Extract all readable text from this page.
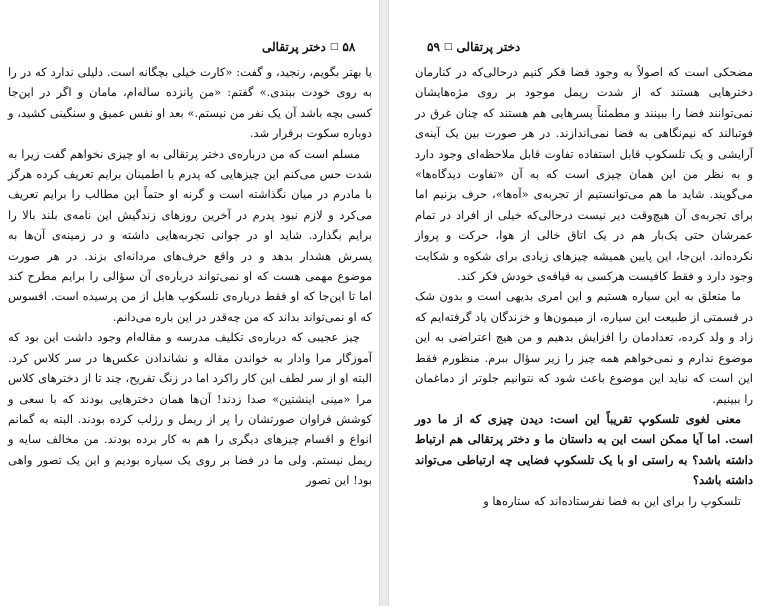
۵۸
□
دختر پرتقالی

یا بهتر بگویم، رنجید، و گفت: «کارت خیلی بچگانه است. دلیلی ندارد که در را به روی خودت ببندی.» گفتم: «من پانزده ساله‌ام، مامان و اگر در این‌جا کسی بچه باشد آن یک نفر من نیستم.» بعد او نفس عمیق و سنگینی کشید، و دوباره سکوت برقرار شد.

مسلم است که من درباره‌ی دختر پرتقالی به او چیزی نخواهم گفت زیرا به شدت حس می‌کنم این چیزهایی که پدرم با اطمینان برایم تعریف کرده هرگز با مادرم در میان نگذاشته است و گرنه او حتماً این مطالب را برایم تعریف می‌کرد و لازم نبود پدرم در آخرین روزهای زندگیش این نامه‌ی بلند بالا را برایم بگذارد. شاید او در جوانی تجربه‌هایی داشته و در زمینه‌ی آن‌ها به پسرش هشدار بدهد و در واقع حرف‌های مردانه‌ای بزند. در هر صورت موضوع مهمی هست که او نمی‌تواند درباره‌ی آن سؤالی را برایم مطرح کند اما تا این‌جا که او فقط درباره‌ی تلسکوپ هابل از من پرسیده است. افسوس که او نمی‌تواند بداند که من چه‌قدر در این باره می‌دانم.

چیز عجیبی که درباره‌ی تکلیف مدرسه و مقاله‌ام وجود داشت این بود که آموزگار مرا وادار به خواندن مقاله و نشاندادن عکس‌ها در سر کلاس کرد. البته او از سر لطف این کار راکرد اما در زنگ تفریح، چند تا از دخترهای کلاس مرا «مینی اینشتین» صدا زدند! آن‌ها همان دخترهایی بودند که با سعی و کوشش فراوان صورتشان را پر از ریمل و رژلب کرده بودند. البته به گمانم انواع و اقسام چیزهای دیگری را هم به کار برده بودند. من مخالف سایه و ریمل نیستم. ولی ما در فضا بر روی یک سیاره بودیم و این یک تصور واهی بود! این تصور

دختر پرتقالی
□
۵۹

مضحکی است که اصولاً به وجود فضا فکر کنیم درحالی‌که در کنار‌مان دخترهایی هستند که از شدت ریمل موجود بر روی مژه‌هایشان نمی‌توانند فضا را ببینند و مطمئناً پسرهایی هم هستند که چنان غرق در فوتبالند که نیم‌نگاهی به فضا نمی‌اندازند. در هر صورت بین یک آینه‌ی آرایشی و یک تلسکوپ قابل استفاده تفاوت قابل ملاحظه‌ای وجود دارد و به نظر من این همان چیزی است که به آن «تفاوت دیدگاه‌ها» می‌گویند. شاید ما هم می‌توانستیم از تجربه‌ی «آه‌ها»، حرف بزنیم اما برای تجربه‌ی آن هیچ‌وقت دیر نیست درحالی‌که خیلی از افراد در تمام عمرشان حتی یک‌بار هم در یک اتاق خالی از هوا، حرکت و پرواز نکرده‌اند. این‌جا، این پایین همیشه چیزهای زیادی برای شکوه و شکایت وجود دارد و فقط کافیست هرکسی به قیافه‌ی خودش فکر کند.

ما متعلق به این سیاره هستیم و این امری بدیهی است و بدون شک در قسمتی از طبیعت این سیاره، از میمون‌ها و خزندگان یاد گرفته‌ایم که زاد و ولد کرده، تعدادمان را افزایش بدهیم و من هیچ اعتراضی به این موضوع ندارم و نمی‌خواهم همه چیز را زیر سؤال ببرم. منظورم فقط این است که نباید این موضوع باعث شود که نتوانیم جلوتر از دماغمان را ببینیم.

معنی لغوی تلسکوپ تقریباً این است: دیدن چیزی که از ما دور است. اما آیا ممکن است این به داستان ما و دختر پرتقالی هم ارتباط داشته باشد؟ به راستی او با یک تلسکوپ فضایی چه ارتباطی می‌تواند داشته باشد؟

تلسکوپ را برای این به فضا نفرستاده‌اند که ستاره‌ها و
